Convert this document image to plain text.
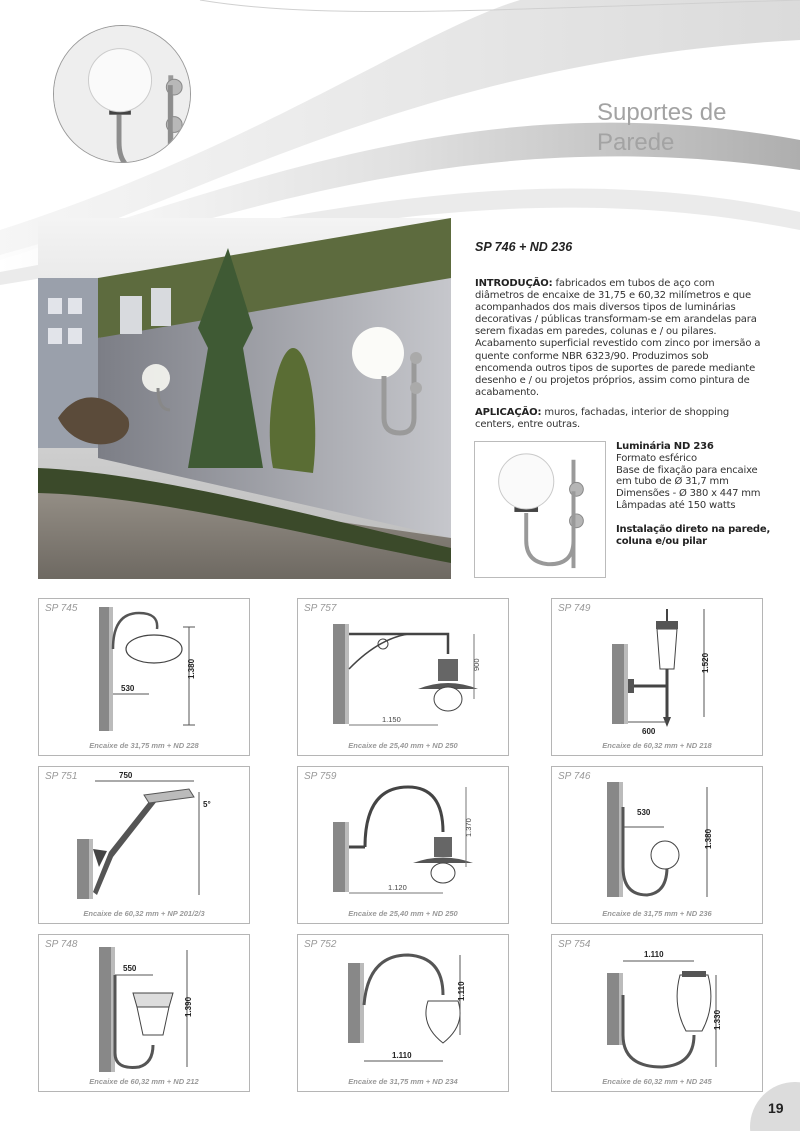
Suportes de
Parede
SP 746 + ND 236
INTRODUÇÃO: fabricados em tubos de aço com diâmetros de encaixe de 31,75 e 60,32 milímetros e que acompanhados dos mais diversos tipos de luminárias decorativas / públicas transformam-se em arandelas para serem fixadas em paredes, colunas e / ou pilares. Acabamento superficial revestido com zinco por imersão a quente conforme NBR 6323/90. Produzimos sob encomenda outros tipos de suportes de parede mediante desenho e / ou projetos próprios, assim como pintura de acabamento.
APLICAÇÃO: muros, fachadas, interior de shopping centers, entre outras.
Luminária ND 236
Formato esférico
Base de fixação para encaixe
em tubo de Ø 31,7 mm
Dimensões - Ø 380 x 447 mm
Lâmpadas até 150 watts
Instalação direto na parede,
coluna e/ou pilar
1.380
530
SP 745
Encaixe de 31,75 mm + ND 228
900
1.150
SP 757
Encaixe de 25,40 mm + ND 250
1.520
600
SP 749
Encaixe de 60,32 mm + ND 218
750
5°
SP 751
Encaixe de 60,32 mm + NP 201/2/3
1.370
1.120
SP 759
Encaixe de 25,40 mm + ND 250
1.380
530
SP 746
Encaixe de 31,75 mm + ND 236
1.390
550
SP 748
Encaixe de 60,32 mm + ND 212
1.110
1.110
SP 752
Encaixe de 31,75 mm + ND 234
1.110
1.330
SP 754
Encaixe de 60,32 mm + ND 245
19
